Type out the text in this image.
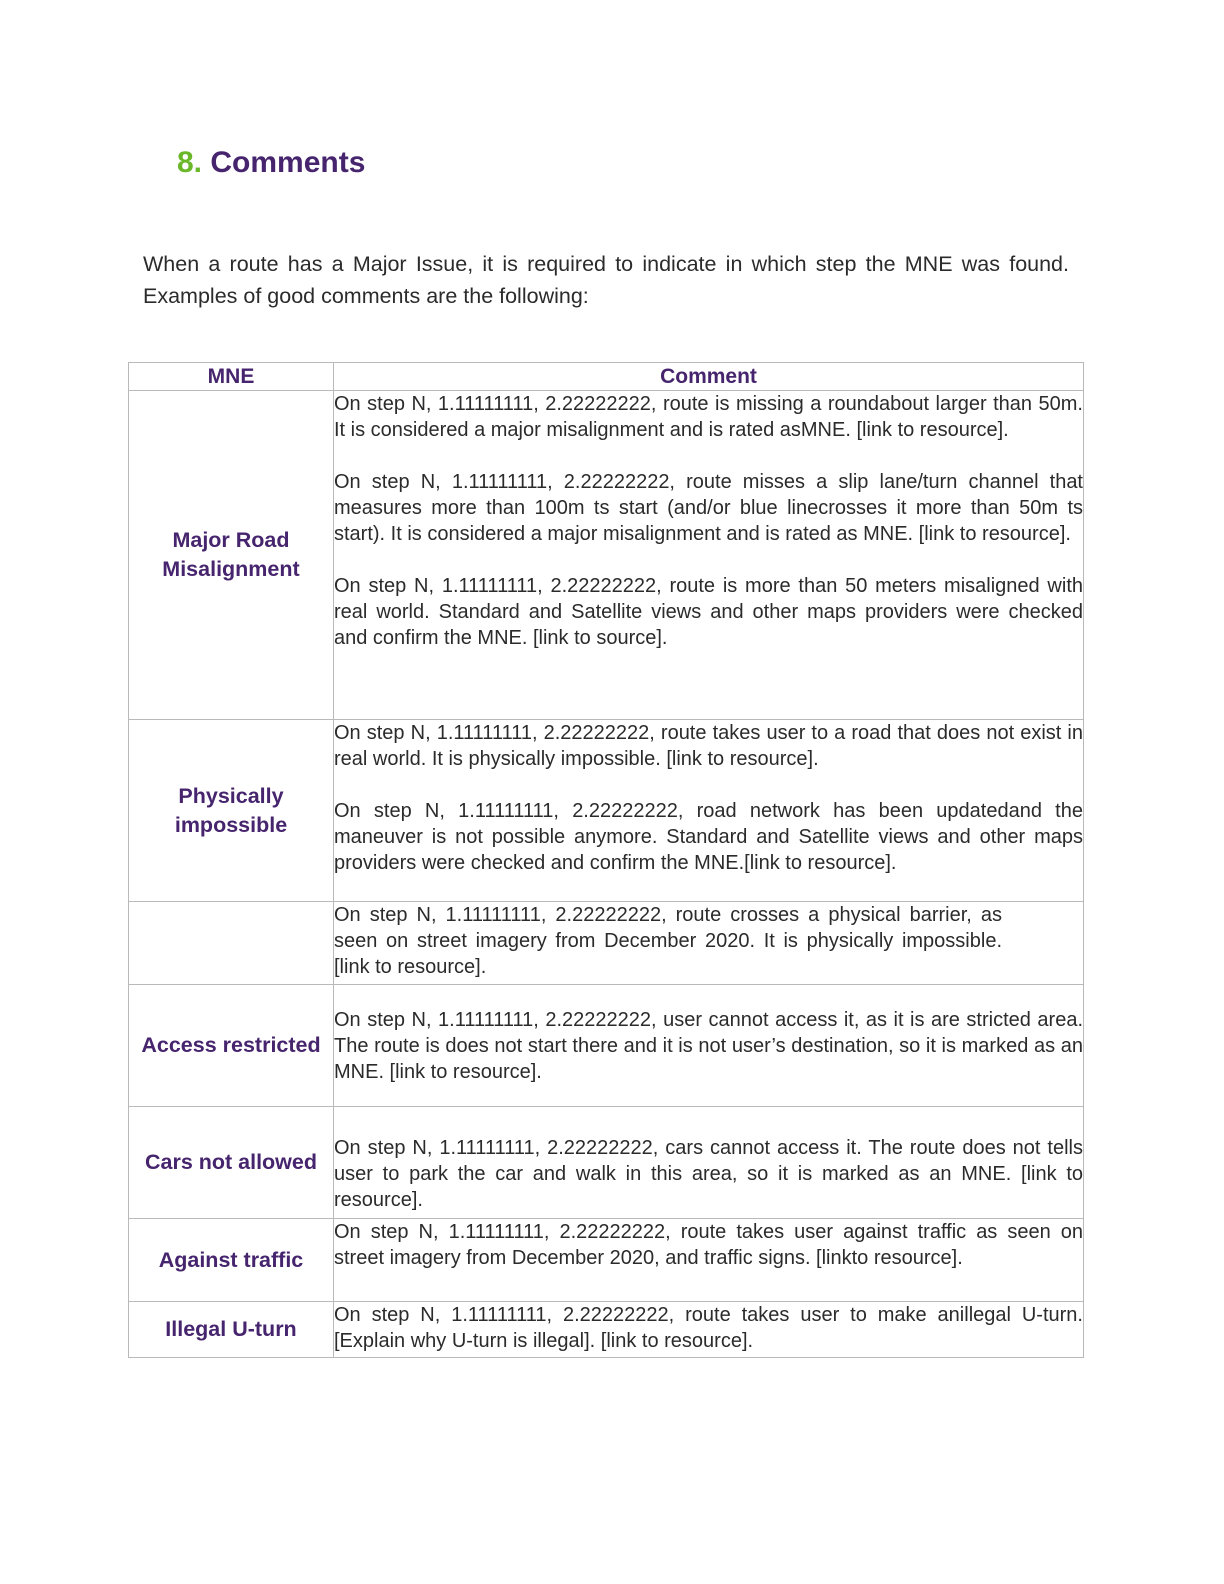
8. Comments

When a route has a Major Issue, it is required to indicate in which step the MNE was found. Examples of good comments are the following:

MNE	Comment
Major Road Misalignment	On step N, 1.11111111, 2.22222222, route is missing a roundabout larger than 50m. It is considered a major misalignment and is rated asMNE. [link to resource].

On step N, 1.11111111, 2.22222222, route misses a slip lane/turn channel that measures more than 100m ts start (and/or blue linecrosses it more than 50m ts start). It is considered a major misalignment and is rated as MNE. [link to resource].

On step N, 1.11111111, 2.22222222, route is more than 50 meters misaligned with real world. Standard and Satellite views and other maps providers were checked and confirm the MNE. [link to source].

Physically impossible	On step N, 1.11111111, 2.22222222, route takes user to a road that does not exist in real world. It is physically impossible. [link to resource].

On step N, 1.11111111, 2.22222222, road network has been updatedand the maneuver is not possible anymore. Standard and Satellite views and other maps providers were checked and confirm the MNE.[link to resource].

	On step N, 1.11111111, 2.22222222, route crosses a physical barrier, as seen on street imagery from December 2020. It is physically impossible. [link to resource].

Access restricted	On step N, 1.11111111, 2.22222222, user cannot access it, as it is are stricted area. The route is does not start there and it is not user’s destination, so it is marked as an MNE. [link to resource].

Cars not allowed	On step N, 1.11111111, 2.22222222, cars cannot access it. The route does not tells user to park the car and walk in this area, so it is marked as an MNE. [link to resource].

Against traffic	On step N, 1.11111111, 2.22222222, route takes user against traffic as seen on street imagery from December 2020, and traffic signs. [linkto resource].

Illegal U-turn	On step N, 1.11111111, 2.22222222, route takes user to make anillegal U-turn. [Explain why U-turn is illegal]. [link to resource].
